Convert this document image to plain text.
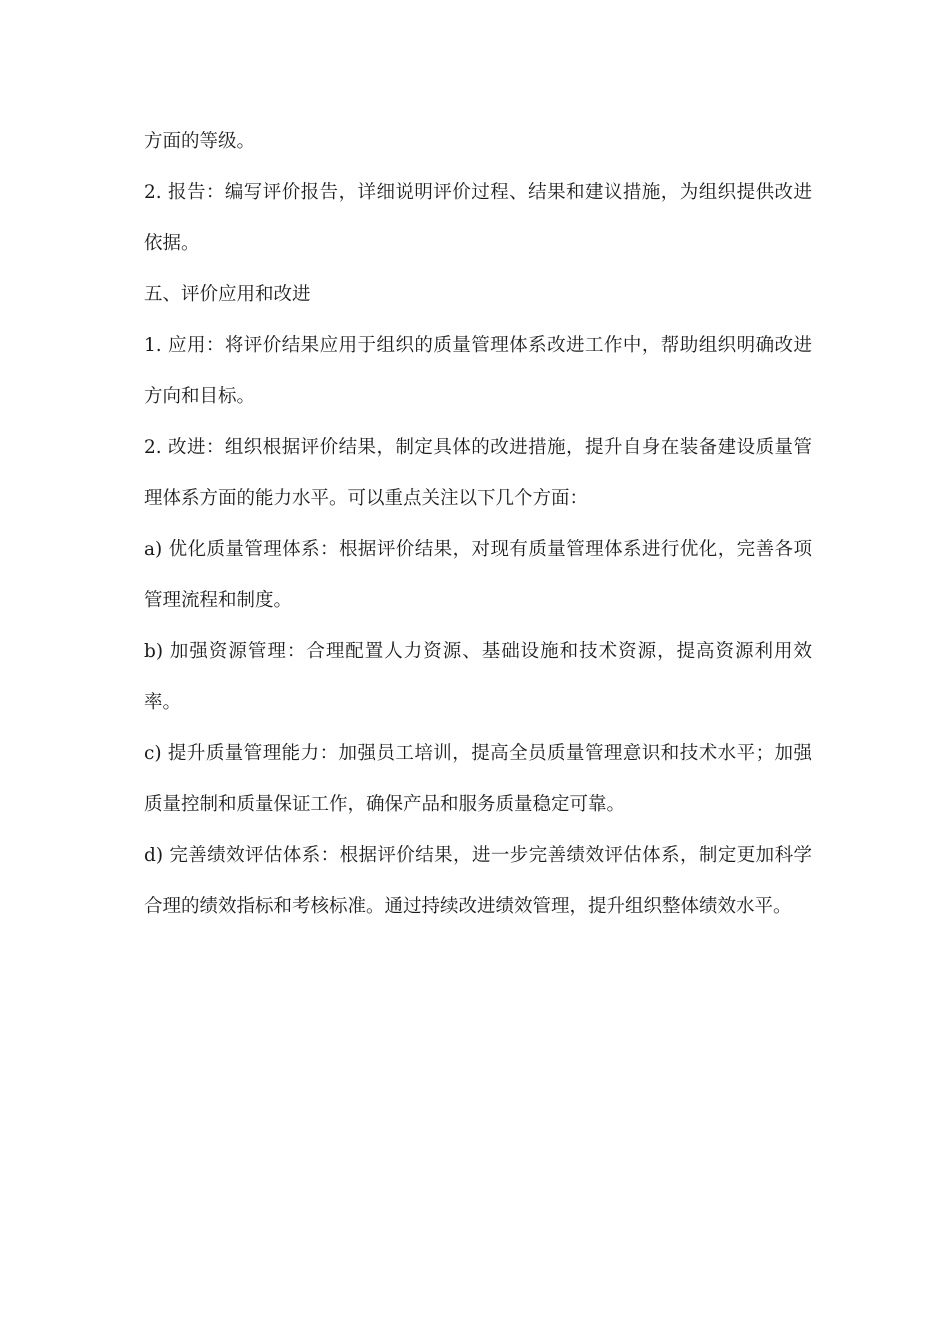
方面的等级。

2. 报告：编写评价报告，详细说明评价过程、结果和建议措施，为组织提供改进依据。

五、评价应用和改进

1. 应用：将评价结果应用于组织的质量管理体系改进工作中，帮助组织明确改进方向和目标。

2. 改进：组织根据评价结果，制定具体的改进措施，提升自身在装备建设质量管理体系方面的能力水平。可以重点关注以下几个方面：

a) 优化质量管理体系：根据评价结果，对现有质量管理体系进行优化，完善各项管理流程和制度。

b) 加强资源管理：合理配置人力资源、基础设施和技术资源，提高资源利用效率。

c) 提升质量管理能力：加强员工培训，提高全员质量管理意识和技术水平；加强质量控制和质量保证工作，确保产品和服务质量稳定可靠。

d) 完善绩效评估体系：根据评价结果，进一步完善绩效评估体系，制定更加科学合理的绩效指标和考核标准。通过持续改进绩效管理，提升组织整体绩效水平。
